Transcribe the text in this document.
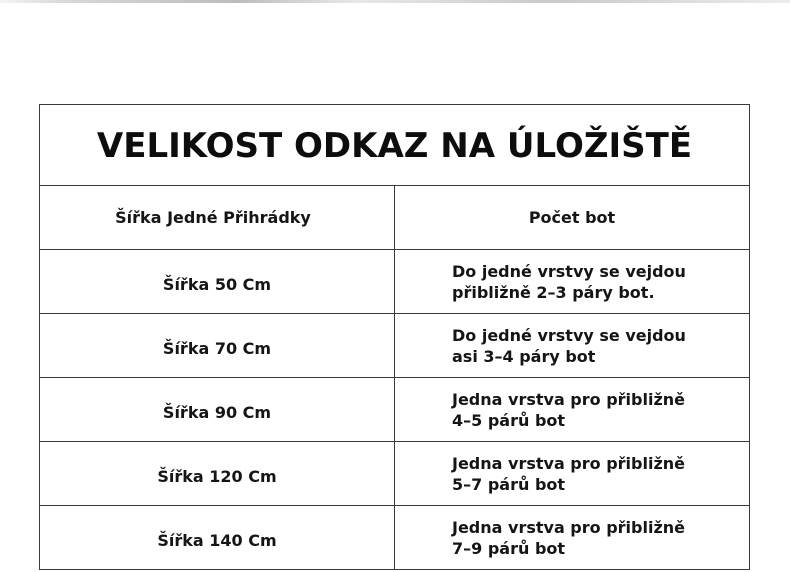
VELIKOST ODKAZ NA ÚLOŽIŠTĚ	
Šířka Jedné Přihrádky	Počet bot

Šířka 50 Cm	Do jedné vrstvy se vejdou přibližně 2–3 páry bot.

Šířka 70 Cm	Do jedné vrstvy se vejdou asi 3–4 páry bot

Šířka 90 Cm	Jedna vrstva pro přibližně 4–5 párů bot

Šířka 120 Cm	Jedna vrstva pro přibližně 5–7 párů bot

Šířka 140 Cm	Jedna vrstva pro přibližně 7–9 párů bot
